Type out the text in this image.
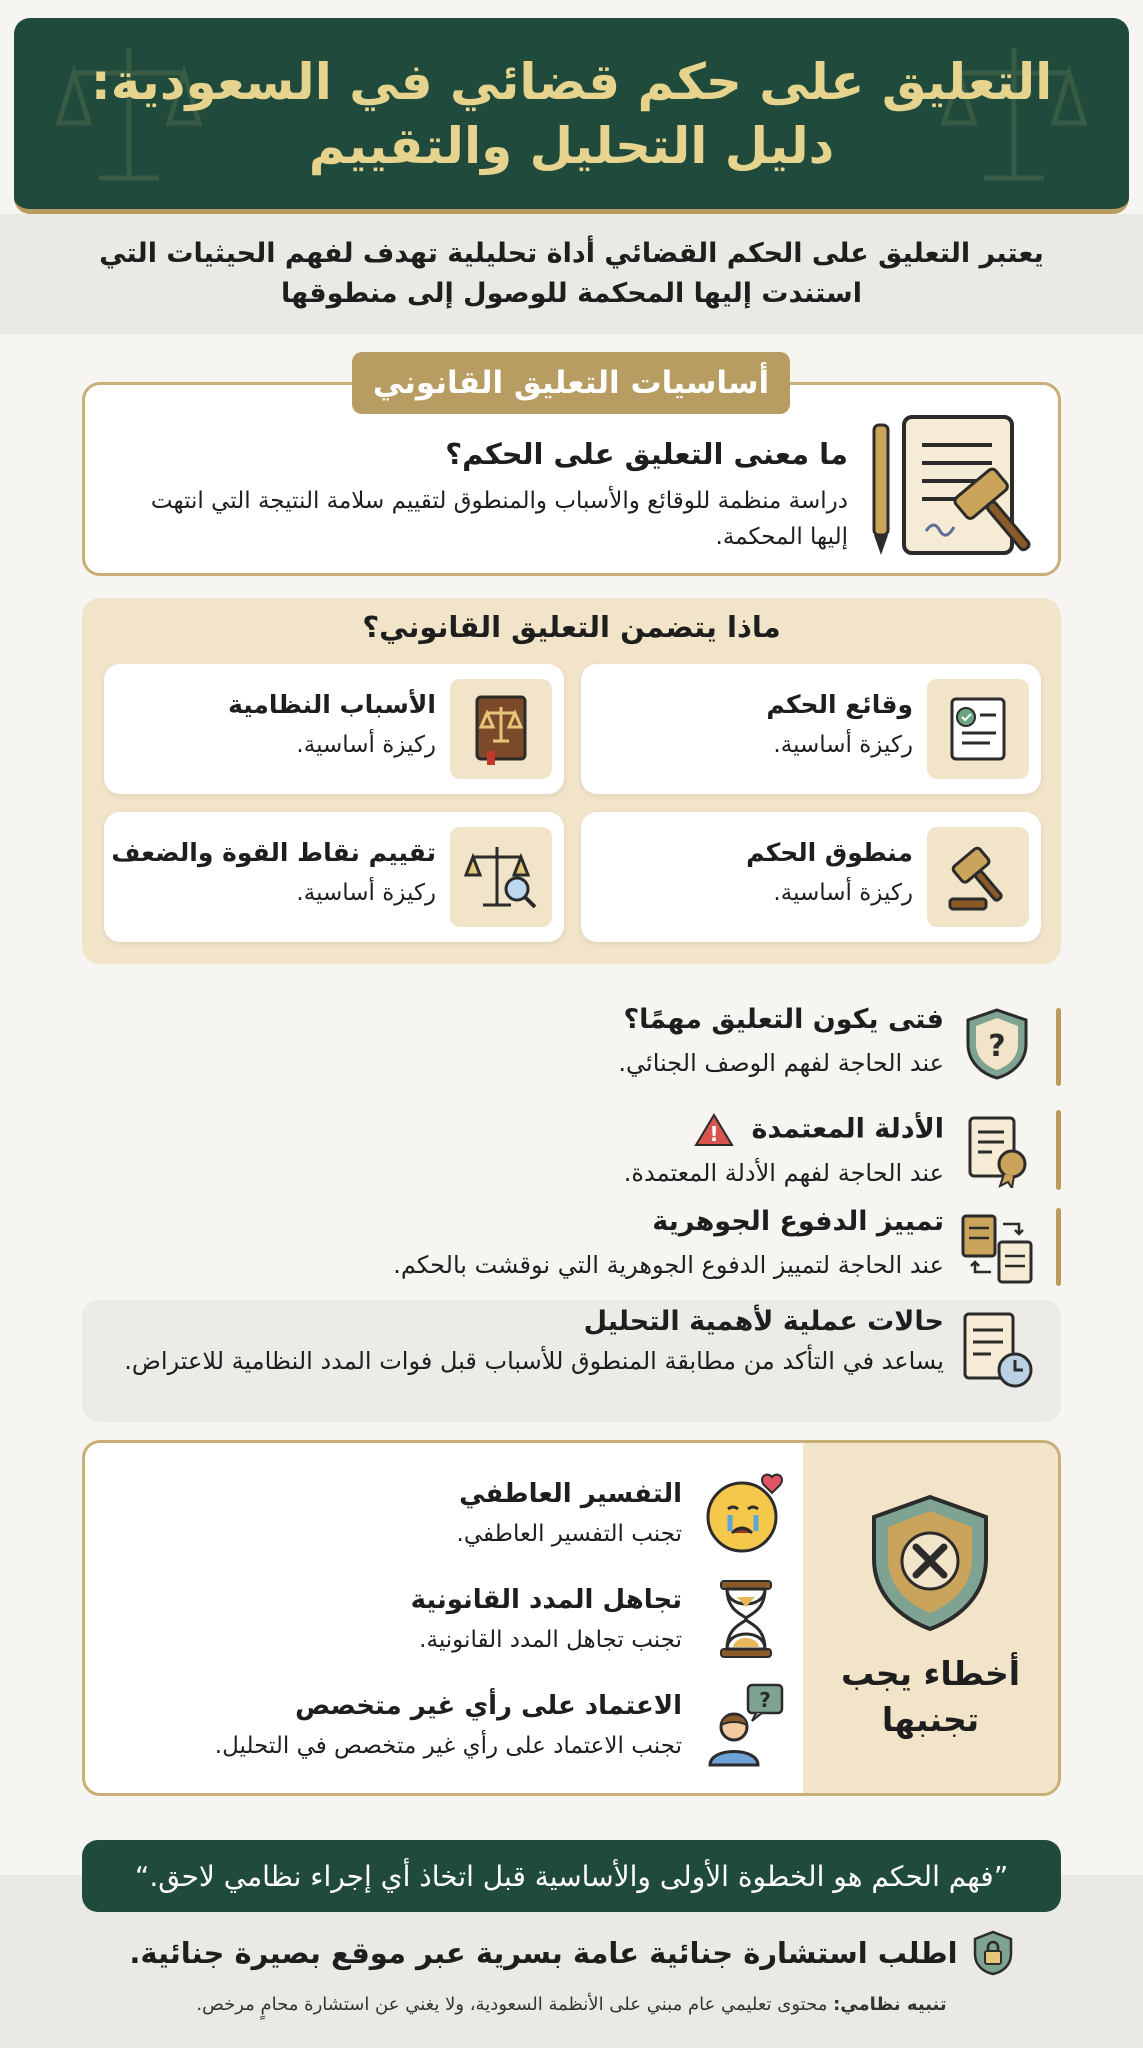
التعليق على حكم قضائي في السعودية:
دليل التحليل والتقييم

يعتبر التعليق على الحكم القضائي أداة تحليلية تهدف لفهم الحيثيات التي استندت إليها المحكمة للوصول إلى منطوقها

ما معنى التعليق على الحكم؟

دراسة منظمة للوقائع والأسباب والمنطوق لتقييم سلامة النتيجة التي انتهت إليها المحكمة.

أساسيات التعليق القانوني
ماذا يتضمن التعليق القانوني؟
وقائع الحكم

ركيزة أساسية.

الأسباب النظامية

ركيزة أساسية.

منطوق الحكم

ركيزة أساسية.

تقييم نقاط القوة والضعف

ركيزة أساسية.

?
فتى يكون التعليق مهمًا؟

عند الحاجة لفهم الوصف الجنائي.

الأدلة المعتمدة
!

عند الحاجة لفهم الأدلة المعتمدة.

تمييز الدفوع الجوهرية

عند الحاجة لتمييز الدفوع الجوهرية التي نوقشت بالحكم.

حالات عملية لأهمية التحليل

يساعد في التأكد من مطابقة المنطوق للأسباب قبل فوات المدد النظامية للاعتراض.

أخطاء يجب تجنبها
التفسير العاطفي

تجنب التفسير العاطفي.

تجاهل المدد القانونية

تجنب تجاهل المدد القانونية.

?
الاعتماد على رأي غير متخصص

تجنب الاعتماد على رأي غير متخصص في التحليل.

”فهم الحكم هو الخطوة الأولى والأساسية قبل اتخاذ أي إجراء نظامي لاحق.“
اطلب استشارة جنائية عامة بسرية عبر موقع بصيرة جنائية.
تنبيه نظامي: محتوى تعليمي عام مبني على الأنظمة السعودية، ولا يغني عن استشارة محامٍ مرخص.
